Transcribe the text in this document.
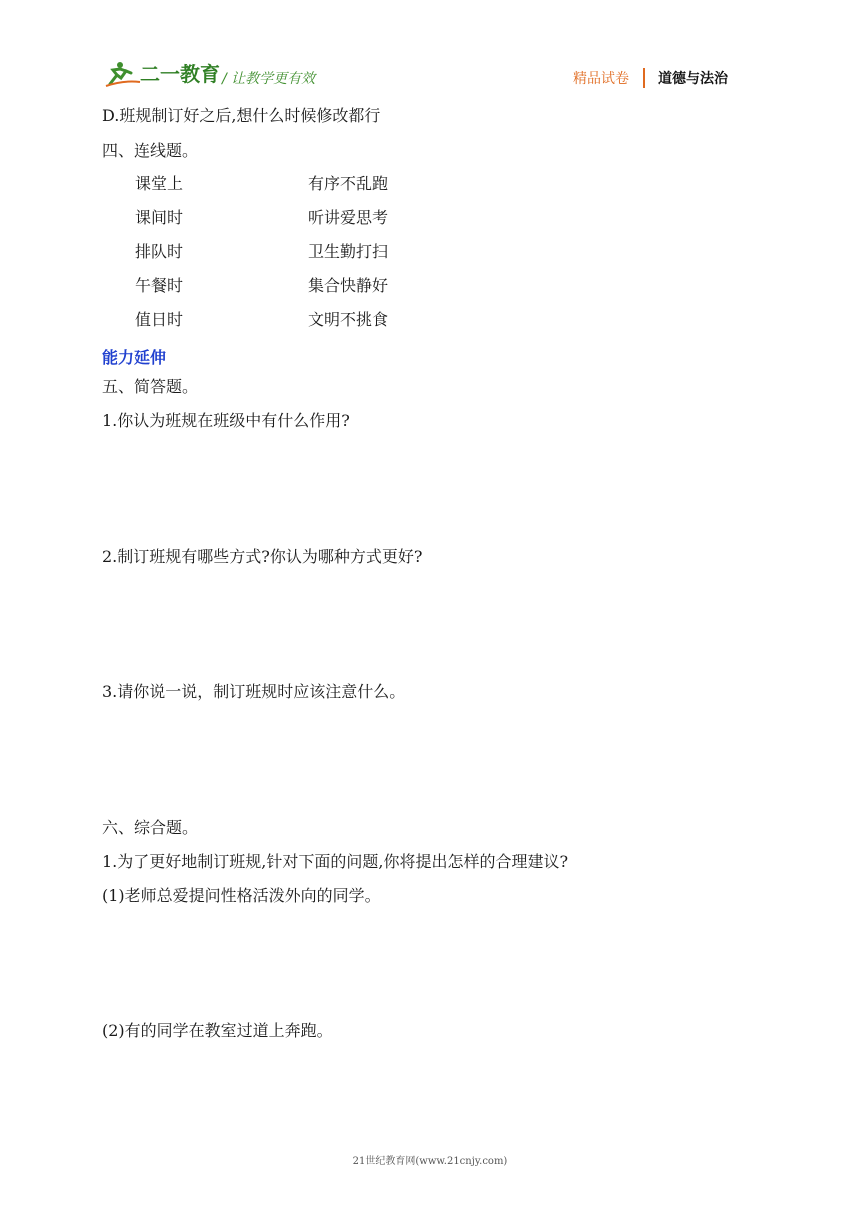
二一教育 / 让教学更有效	精品试卷 道德与法治
D.班规制订好之后,想什么时候修改都行
四、连线题。
课堂上
课间时
排队时
午餐时
值日时
有序不乱跑
听讲爱思考
卫生勤打扫
集合快静好
文明不挑食
能力延伸
五、简答题。
1.你认为班规在班级中有什么作用?
2.制订班规有哪些方式?你认为哪种方式更好?
3.请你说一说，制订班规时应该注意什么。
六、综合题。
1.为了更好地制订班规,针对下面的问题,你将提出怎样的合理建议?
(1)老师总爱提问性格活泼外向的同学。
(2)有的同学在教室过道上奔跑。
21世纪教育网(www.21cnjy.com)
